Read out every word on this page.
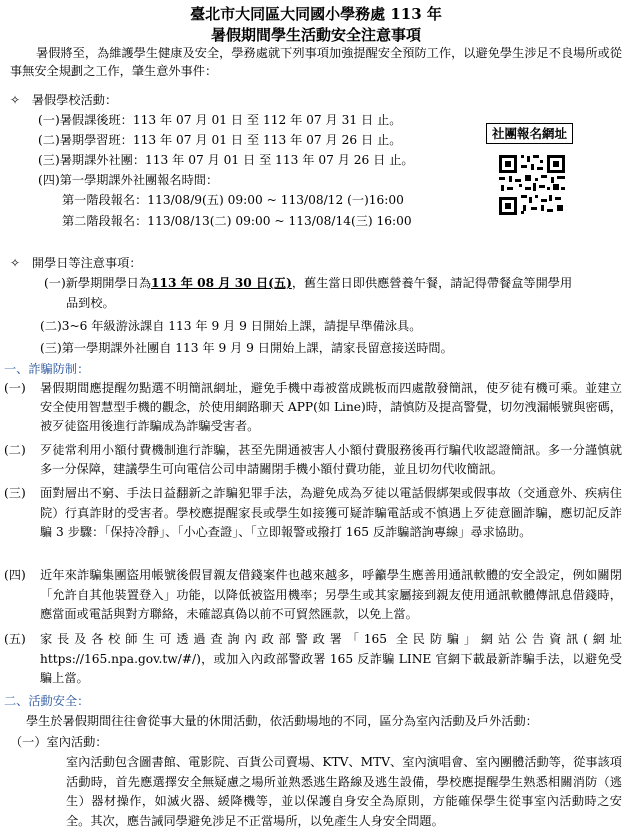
臺北市大同區大同國小學務處 113 年
暑假期間學生活動安全注意事項
暑假將至，為維護學生健康及安全，學務處就下列事項加強提醒安全預防工作，以避免學生涉足不良場所或從事無安全規劃之工作，肇生意外事件：
✧   暑假學校活動：
(一)暑假課後班：113 年 07 月 01 日 至 112 年 07 月 31 日 止。
(二)暑期學習班：113 年 07 月 01 日 至 113 年 07 月 26 日 止。
(三)暑期課外社團：113 年 07 月 01 日 至 113 年 07 月 26 日 止。
(四)第一學期課外社團報名時間：
第一階段報名：113/08/9(五) 09:00 ~ 113/08/12 (一)16:00
第二階段報名：113/08/13(二) 09:00 ~ 113/08/14(三) 16:00
社團報名網址
✧   開學日等注意事項：
(一)新學期開學日為113 年 08 月 30 日(五)，舊生當日即供應營養午餐，請記得帶餐盒等開學用
品到校。
(二)3~6 年級游泳課自 113 年 9 月 9 日開始上課，請提早準備泳具。
(三)第一學期課外社團自 113 年 9 月 9 日開始上課，請家長留意接送時間。
一、詐騙防制：
(一) 暑假期間應提醒勿點選不明簡訊網址，避免手機中毒被當成跳板而四處散發簡訊，使歹徒有機可乘。並建立安全使用智慧型手機的觀念，於使用網路聊天 APP(如 Line)時，請慎防及提高警覺，切勿洩漏帳號與密碼，被歹徒盜用後進行詐騙成為詐騙受害者。
(二) 歹徒常利用小額付費機制進行詐騙，甚至先開通被害人小額付費服務後再行騙代收認證簡訊。多一分謹慎就多一分保障，建議學生可向電信公司申請關閉手機小額付費功能，並且切勿代收簡訊。
(三) 面對層出不窮、手法日益翻新之詐騙犯罪手法，為避免成為歹徒以電話假綁架或假事故（交通意外、疾病住院）行真詐財的受害者。學校應提醒家長或學生如接獲可疑詐騙電話或不慎遇上歹徒意圖詐騙，應切記反詐騙 3 步驟：「保持冷靜」、「小心查證」、「立即報警或撥打 165 反詐騙諮詢專線」尋求協助。
(四) 近年來詐騙集團盜用帳號後假冒親友借錢案件也越來越多，呼籲學生應善用通訊軟體的安全設定，例如關閉「允許自其他裝置登入」功能，以降低被盜用機率；另學生或其家屬接到親友使用通訊軟體傳訊息借錢時，應當面或電話與對方聯絡，未確認真偽以前不可貿然匯款，以免上當。
(五) 家長及各校師生可透過查詢內政部警政署「165 全民防騙」網站公告資訊(網址 https://165.npa.gov.tw/#/)，或加入內政部警政署 165 反詐騙 LINE 官網下載最新詐騙手法，以避免受騙上當。
二、活動安全：
學生於暑假期間往往會從事大量的休閒活動，依活動場地的不同，區分為室內活動及戶外活動：
（一）室內活動：
室內活動包含圖書館、電影院、百貨公司賣場、KTV、MTV、室內演唱會、室內團體活動等，從事該項活動時，首先應選擇安全無疑慮之場所並熟悉逃生路線及逃生設備，學校應提醒學生熟悉相關消防（逃生）器材操作，如滅火器、緩降機等，並以保護自身安全為原則，方能確保學生從事室內活動時之安全。其次，應告誡同學避免涉足不正當場所，以免產生人身安全問題。
